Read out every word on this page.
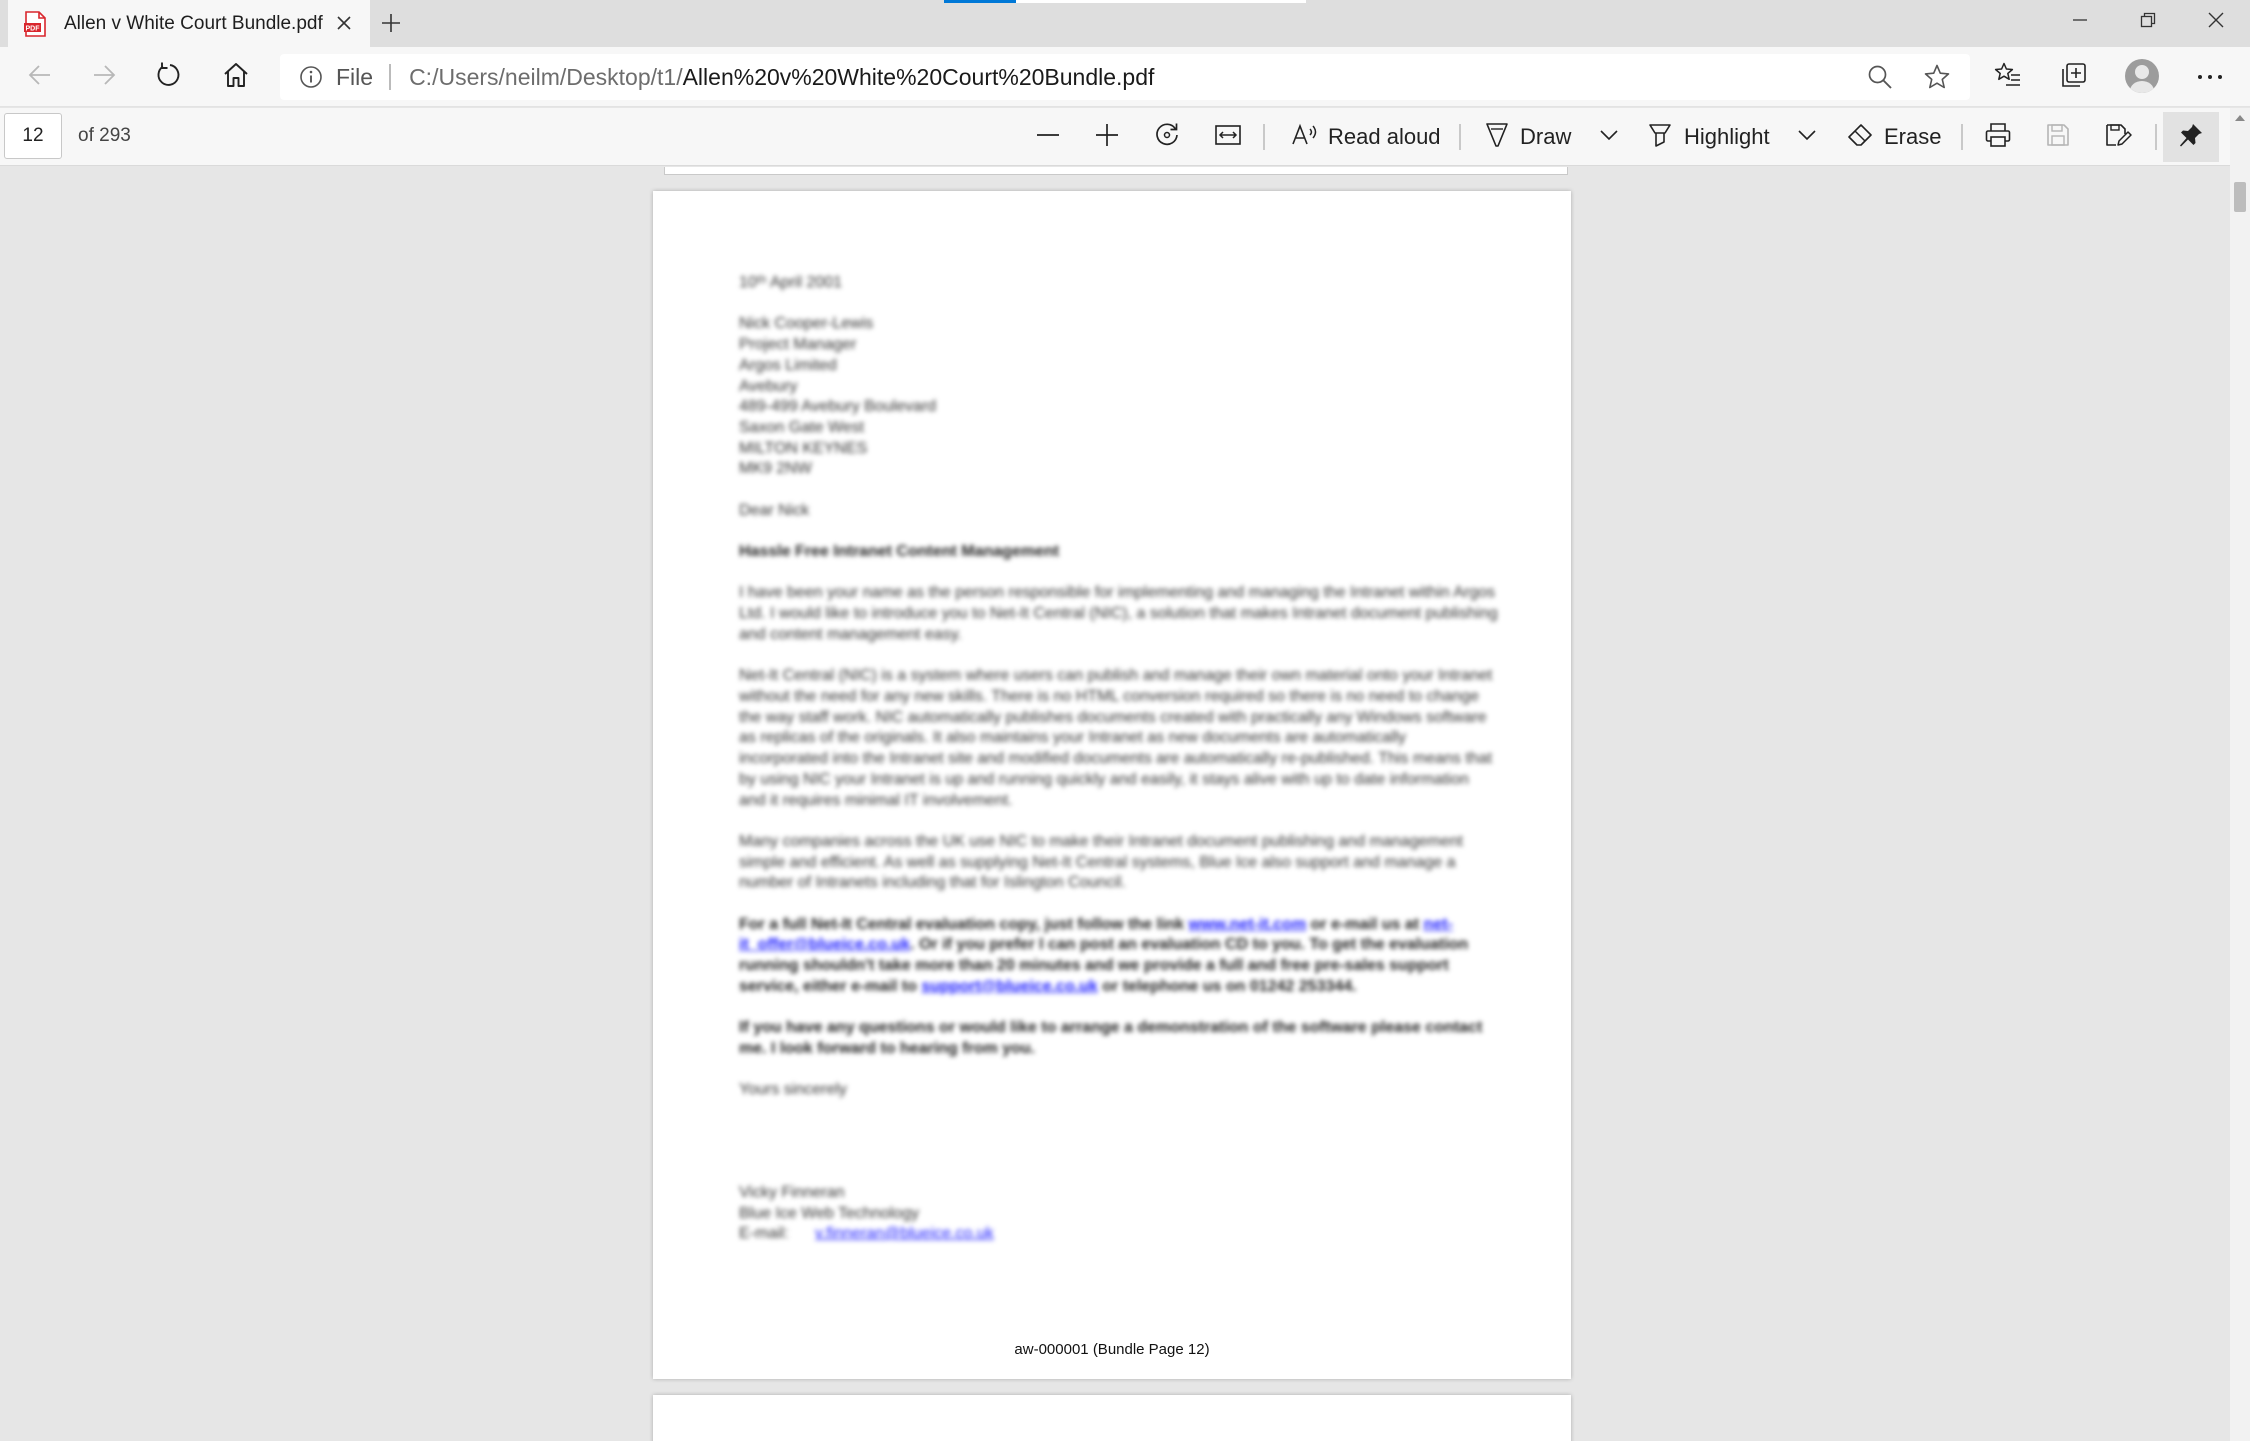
PDF Allen v White Court Bundle.pdf
File C:/Users/neilm/Desktop/t1/Allen%20v%20White%20Court%20Bundle.pdf
12
of 293	Read aloud	Draw	Highlight	Erase

10ᵗʰ April 2001

Nick Cooper-Lewis
Project Manager
Argos Limited
Avebury
489-499 Avebury Boulevard
Saxon Gate West
MILTON KEYNES
MK9 2NW

Dear Nick

Hassle Free Intranet Content Management

I have been your name as the person responsible for implementing and managing the Intranet within Argos Ltd. I would like to introduce you to Net-It Central (NIC), a solution that makes Intranet document publishing and content management easy.

Net-It Central (NIC) is a system where users can publish and manage their own material onto your Intranet without the need for any new skills. There is no HTML conversion required so there is no need to change the way staff work. NIC automatically publishes documents created with practically any Windows software as replicas of the originals. It also maintains your Intranet as new documents are automatically incorporated into the Intranet site and modified documents are automatically re-published. This means that by using NIC your Intranet is up and running quickly and easily, it stays alive with up to date information and it requires minimal IT involvement.

Many companies across the UK use NIC to make their Intranet document publishing and management simple and efficient. As well as supplying Net-It Central systems, Blue Ice also support and manage a number of Intranets including that for Islington Council.

For a full Net-It Central evaluation copy, just follow the link www.net-it.com or e-mail us at net-it_offer@blueice.co.uk. Or if you prefer I can post an evaluation CD to you. To get the evaluation running shouldn't take more than 20 minutes and we provide a full and free pre-sales support service, either e-mail to support@blueice.co.uk or telephone us on 01242 253344.

If you have any questions or would like to arrange a demonstration of the software please contact me. I look forward to hearing from you.

Yours sincerely

Vicky Finneran
Blue Ice Web Technology
E-mail: v.finneran@blueice.co.uk

aw-000001 (Bundle Page 12)
